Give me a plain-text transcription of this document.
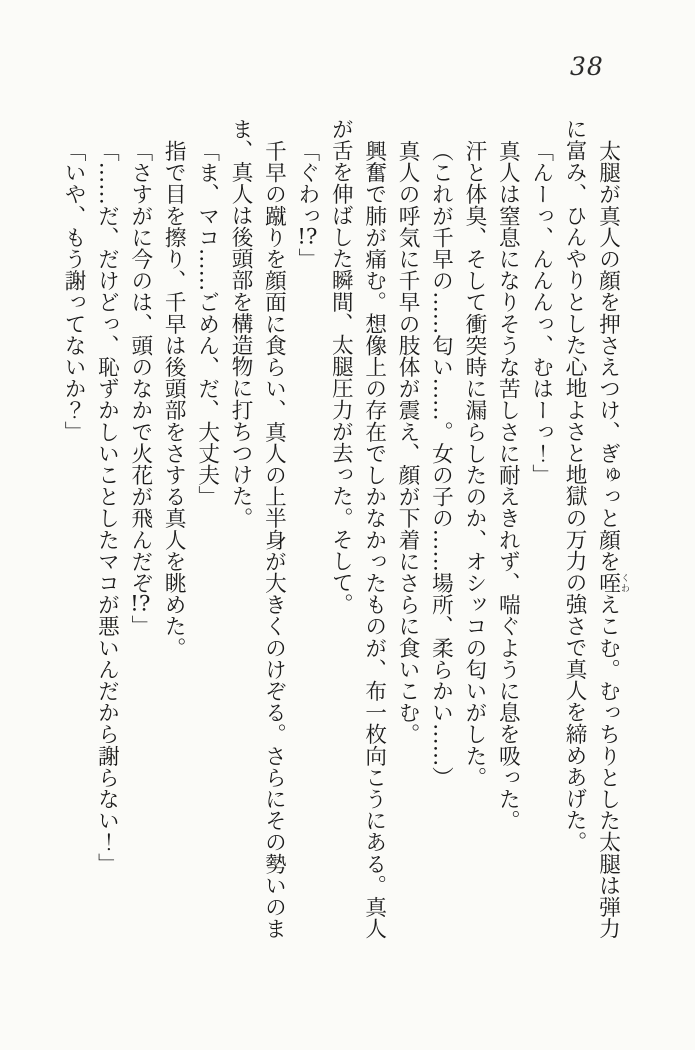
38
太腿が真人の顔を押さえつけ、ぎゅっと顔を咥くわえこむ。むっちりとした太腿は弾力
に富み、ひんやりとした心地よさと地獄の万力の強さで真人を締めあげた。
「んーっ、んんんっ、むはーっ！」
真人は窒息になりそうな苦しさに耐えきれず、喘ぐように息を吸った。
汗と体臭、そして衝突時に漏らしたのか、オシッコの匂いがした。
（これが千早の……匂い……。女の子の……場所、柔らかい……）
真人の呼気に千早の肢体が震え、顔が下着にさらに食いこむ。
興奮で肺が痛む。想像上の存在でしかなかったものが、布一枚向こうにある。真人
が舌を伸ばした瞬間、太腿圧力が去った。そして。
「ぐわっ!?」
千早の蹴りを顔面に食らい、真人の上半身が大きくのけぞる。さらにその勢いのま
ま、真人は後頭部を構造物に打ちつけた。
「ま、マコ……ごめん、だ、大丈夫」
指で目を擦り、千早は後頭部をさする真人を眺めた。
「さすがに今のは、頭のなかで火花が飛んだぞ!?」
「……だ、だけどっ、恥ずかしいことしたマコが悪いんだから謝らない！」
「いや、もう謝ってないか？」
